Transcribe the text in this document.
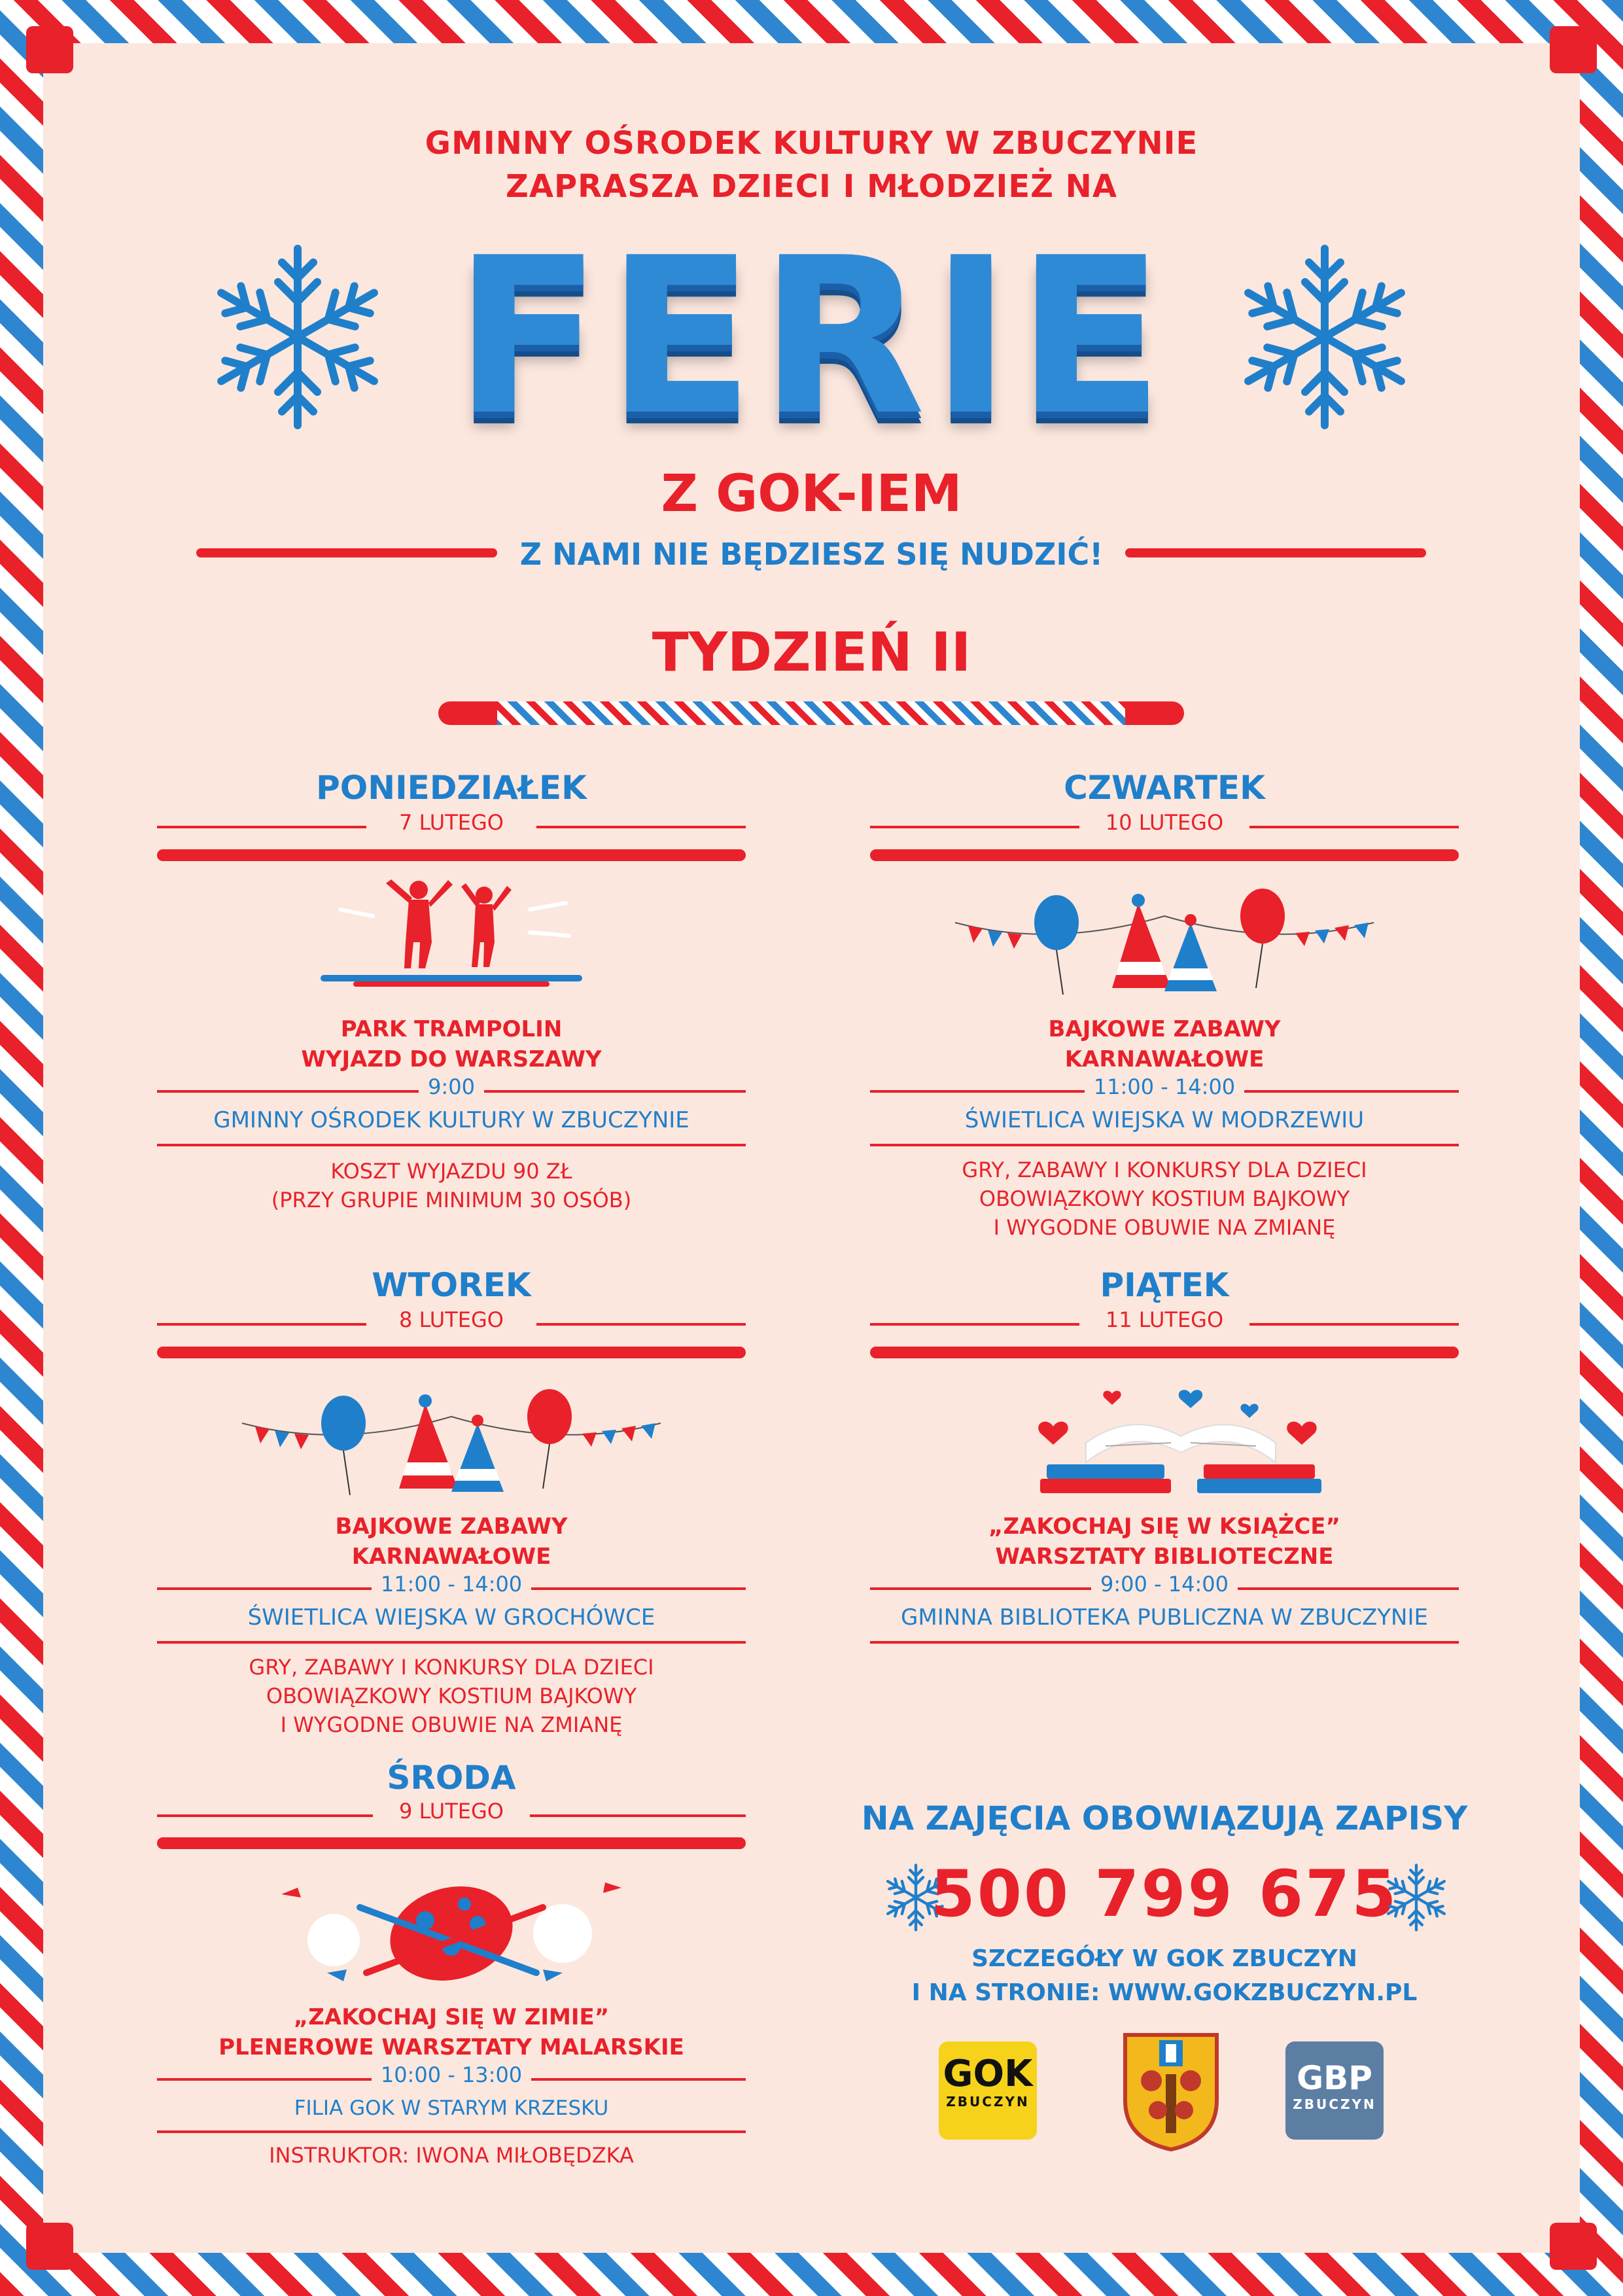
GMINNY OŚRODEK KULTURY W ZBUCZYNIE
ZAPRASZA DZIECI I MŁODZIEŻ NA
FERIE
Z GOK-IEM
Z NAMI NIE BĘDZIESZ SIĘ NUDZIĆ!
TYDZIEŃ II
PONIEDZIAŁEK
7 LUTEGO
PARK TRAMPOLIN
WYJAZD DO WARSZAWY
9:00
GMINNY OŚRODEK KULTURY W ZBUCZYNIE
KOSZT WYJAZDU 90 ZŁ
(PRZY GRUPIE MINIMUM 30 OSÓB)
WTOREK
8 LUTEGO
BAJKOWE ZABAWY
KARNAWAŁOWE
11:00 - 14:00
ŚWIETLICA WIEJSKA W GROCHÓWCE
GRY, ZABAWY I KONKURSY DLA DZIECI
OBOWIĄZKOWY KOSTIUM BAJKOWY
I WYGODNE OBUWIE NA ZMIANĘ
ŚRODA
9 LUTEGO
„ZAKOCHAJ SIĘ W ZIMIE”
PLENEROWE WARSZTATY MALARSKIE
10:00 - 13:00
FILIA GOK W STARYM KRZESKU
INSTRUKTOR: IWONA MIŁOBĘDZKA
CZWARTEK
10 LUTEGO
BAJKOWE ZABAWY
KARNAWAŁOWE
11:00 - 14:00
ŚWIETLICA WIEJSKA W MODRZEWIU
GRY, ZABAWY I KONKURSY DLA DZIECI
OBOWIĄZKOWY KOSTIUM BAJKOWY
I WYGODNE OBUWIE NA ZMIANĘ
PIĄTEK
11 LUTEGO
„ZAKOCHAJ SIĘ W KSIĄŻCE”
WARSZTATY BIBLIOTECZNE
9:00 - 14:00
GMINNA BIBLIOTEKA PUBLICZNA W ZBUCZYNIE
NA ZAJĘCIA OBOWIĄZUJĄ ZAPISY
500 799 675
SZCZEGÓŁY W GOK ZBUCZYN
I NA STRONIE: WWW.GOKZBUCZYN.PL
GOK
ZBUCZYN
GBP
ZBUCZYN
